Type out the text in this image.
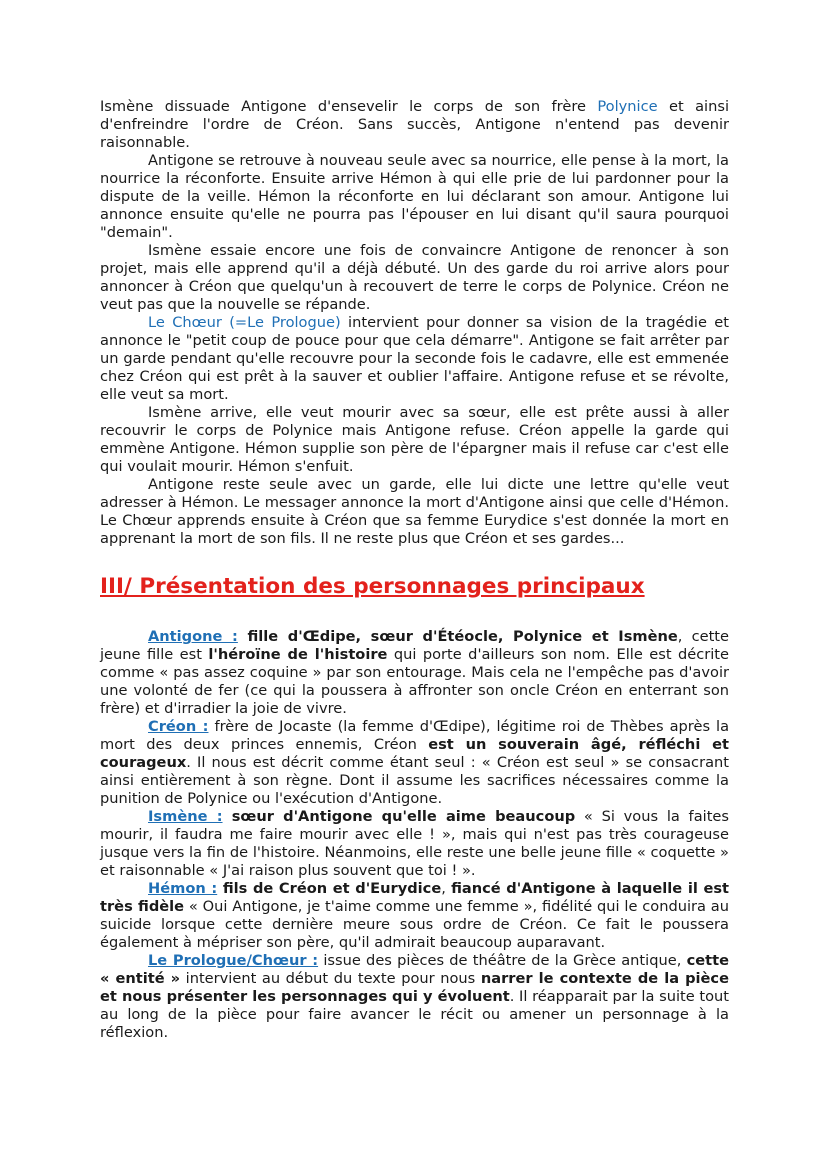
Ismène dissuade Antigone d'ensevelir le corps de son frère Polynice et ainsi d'enfreindre l'ordre de Créon. Sans succès, Antigone n'entend pas devenir raisonnable.

Antigone se retrouve à nouveau seule avec sa nourrice, elle pense à la mort, la nourrice la réconforte. Ensuite arrive Hémon à qui elle prie de lui pardonner pour la dispute de la veille. Hémon la réconforte en lui déclarant son amour. Antigone lui annonce ensuite qu'elle ne pourra pas l'épouser en lui disant qu'il saura pourquoi "demain".

Ismène essaie encore une fois de convaincre Antigone de renoncer à son projet, mais elle apprend qu'il a déjà débuté. Un des garde du roi arrive alors pour annoncer à Créon que quelqu'un à recouvert de terre le corps de Polynice. Créon ne veut pas que la nouvelle se répande.

Le Chœur (=Le Prologue) intervient pour donner sa vision de la tragédie et annonce le "petit coup de pouce pour que cela démarre". Antigone se fait arrêter par un garde pendant qu'elle recouvre pour la seconde fois le cadavre, elle est emmenée chez Créon qui est prêt à la sauver et oublier l'affaire. Antigone refuse et se révolte, elle veut sa mort.

Ismène arrive, elle veut mourir avec sa sœur, elle est prête aussi à aller recouvrir le corps de Polynice mais Antigone refuse. Créon appelle la garde qui emmène Antigone. Hémon supplie son père de l'épargner mais il refuse car c'est elle qui voulait mourir. Hémon s'enfuit.

Antigone reste seule avec un garde, elle lui dicte une lettre qu'elle veut adresser à Hémon. Le messager annonce la mort d'Antigone ainsi que celle d'Hémon. Le Chœur apprends ensuite à Créon que sa femme Eurydice s'est donnée la mort en apprenant la mort de son fils. Il ne reste plus que Créon et ses gardes...

III/ Présentation des personnages principaux

Antigone : fille d'Œdipe, sœur d'Étéocle, Polynice et Ismène, cette jeune fille est l'héroïne de l'histoire qui porte d'ailleurs son nom. Elle est décrite comme « pas assez coquine » par son entourage. Mais cela ne l'empêche pas d'avoir une volonté de fer (ce qui la poussera à affronter son oncle Créon en enterrant son frère) et d'irradier la joie de vivre.

Créon : frère de Jocaste (la femme d'Œdipe), légitime roi de Thèbes après la mort des deux princes ennemis, Créon est un souverain âgé, réfléchi et courageux. Il nous est décrit comme étant seul : « Créon est seul » se consacrant ainsi entièrement à son règne. Dont il assume les sacrifices nécessaires comme la punition de Polynice ou l'exécution d'Antigone.

Ismène : sœur d'Antigone qu'elle aime beaucoup « Si vous la faites mourir, il faudra me faire mourir avec elle ! », mais qui n'est pas très courageuse jusque vers la fin de l'histoire. Néanmoins, elle reste une belle jeune fille « coquette » et raisonnable « J'ai raison plus souvent que toi ! ».

Hémon : fils de Créon et d'Eurydice, fiancé d'Antigone à laquelle il est très fidèle « Oui Antigone, je t'aime comme une femme », fidélité qui le conduira au suicide lorsque cette dernière meure sous ordre de Créon. Ce fait le poussera également à mépriser son père, qu'il admirait beaucoup auparavant.

Le Prologue/Chœur : issue des pièces de théâtre de la Grèce antique, cette « entité » intervient au début du texte pour nous narrer le contexte de la pièce et nous présenter les personnages qui y évoluent. Il réapparait par la suite tout au long de la pièce pour faire avancer le récit ou amener un personnage à la réflexion.
